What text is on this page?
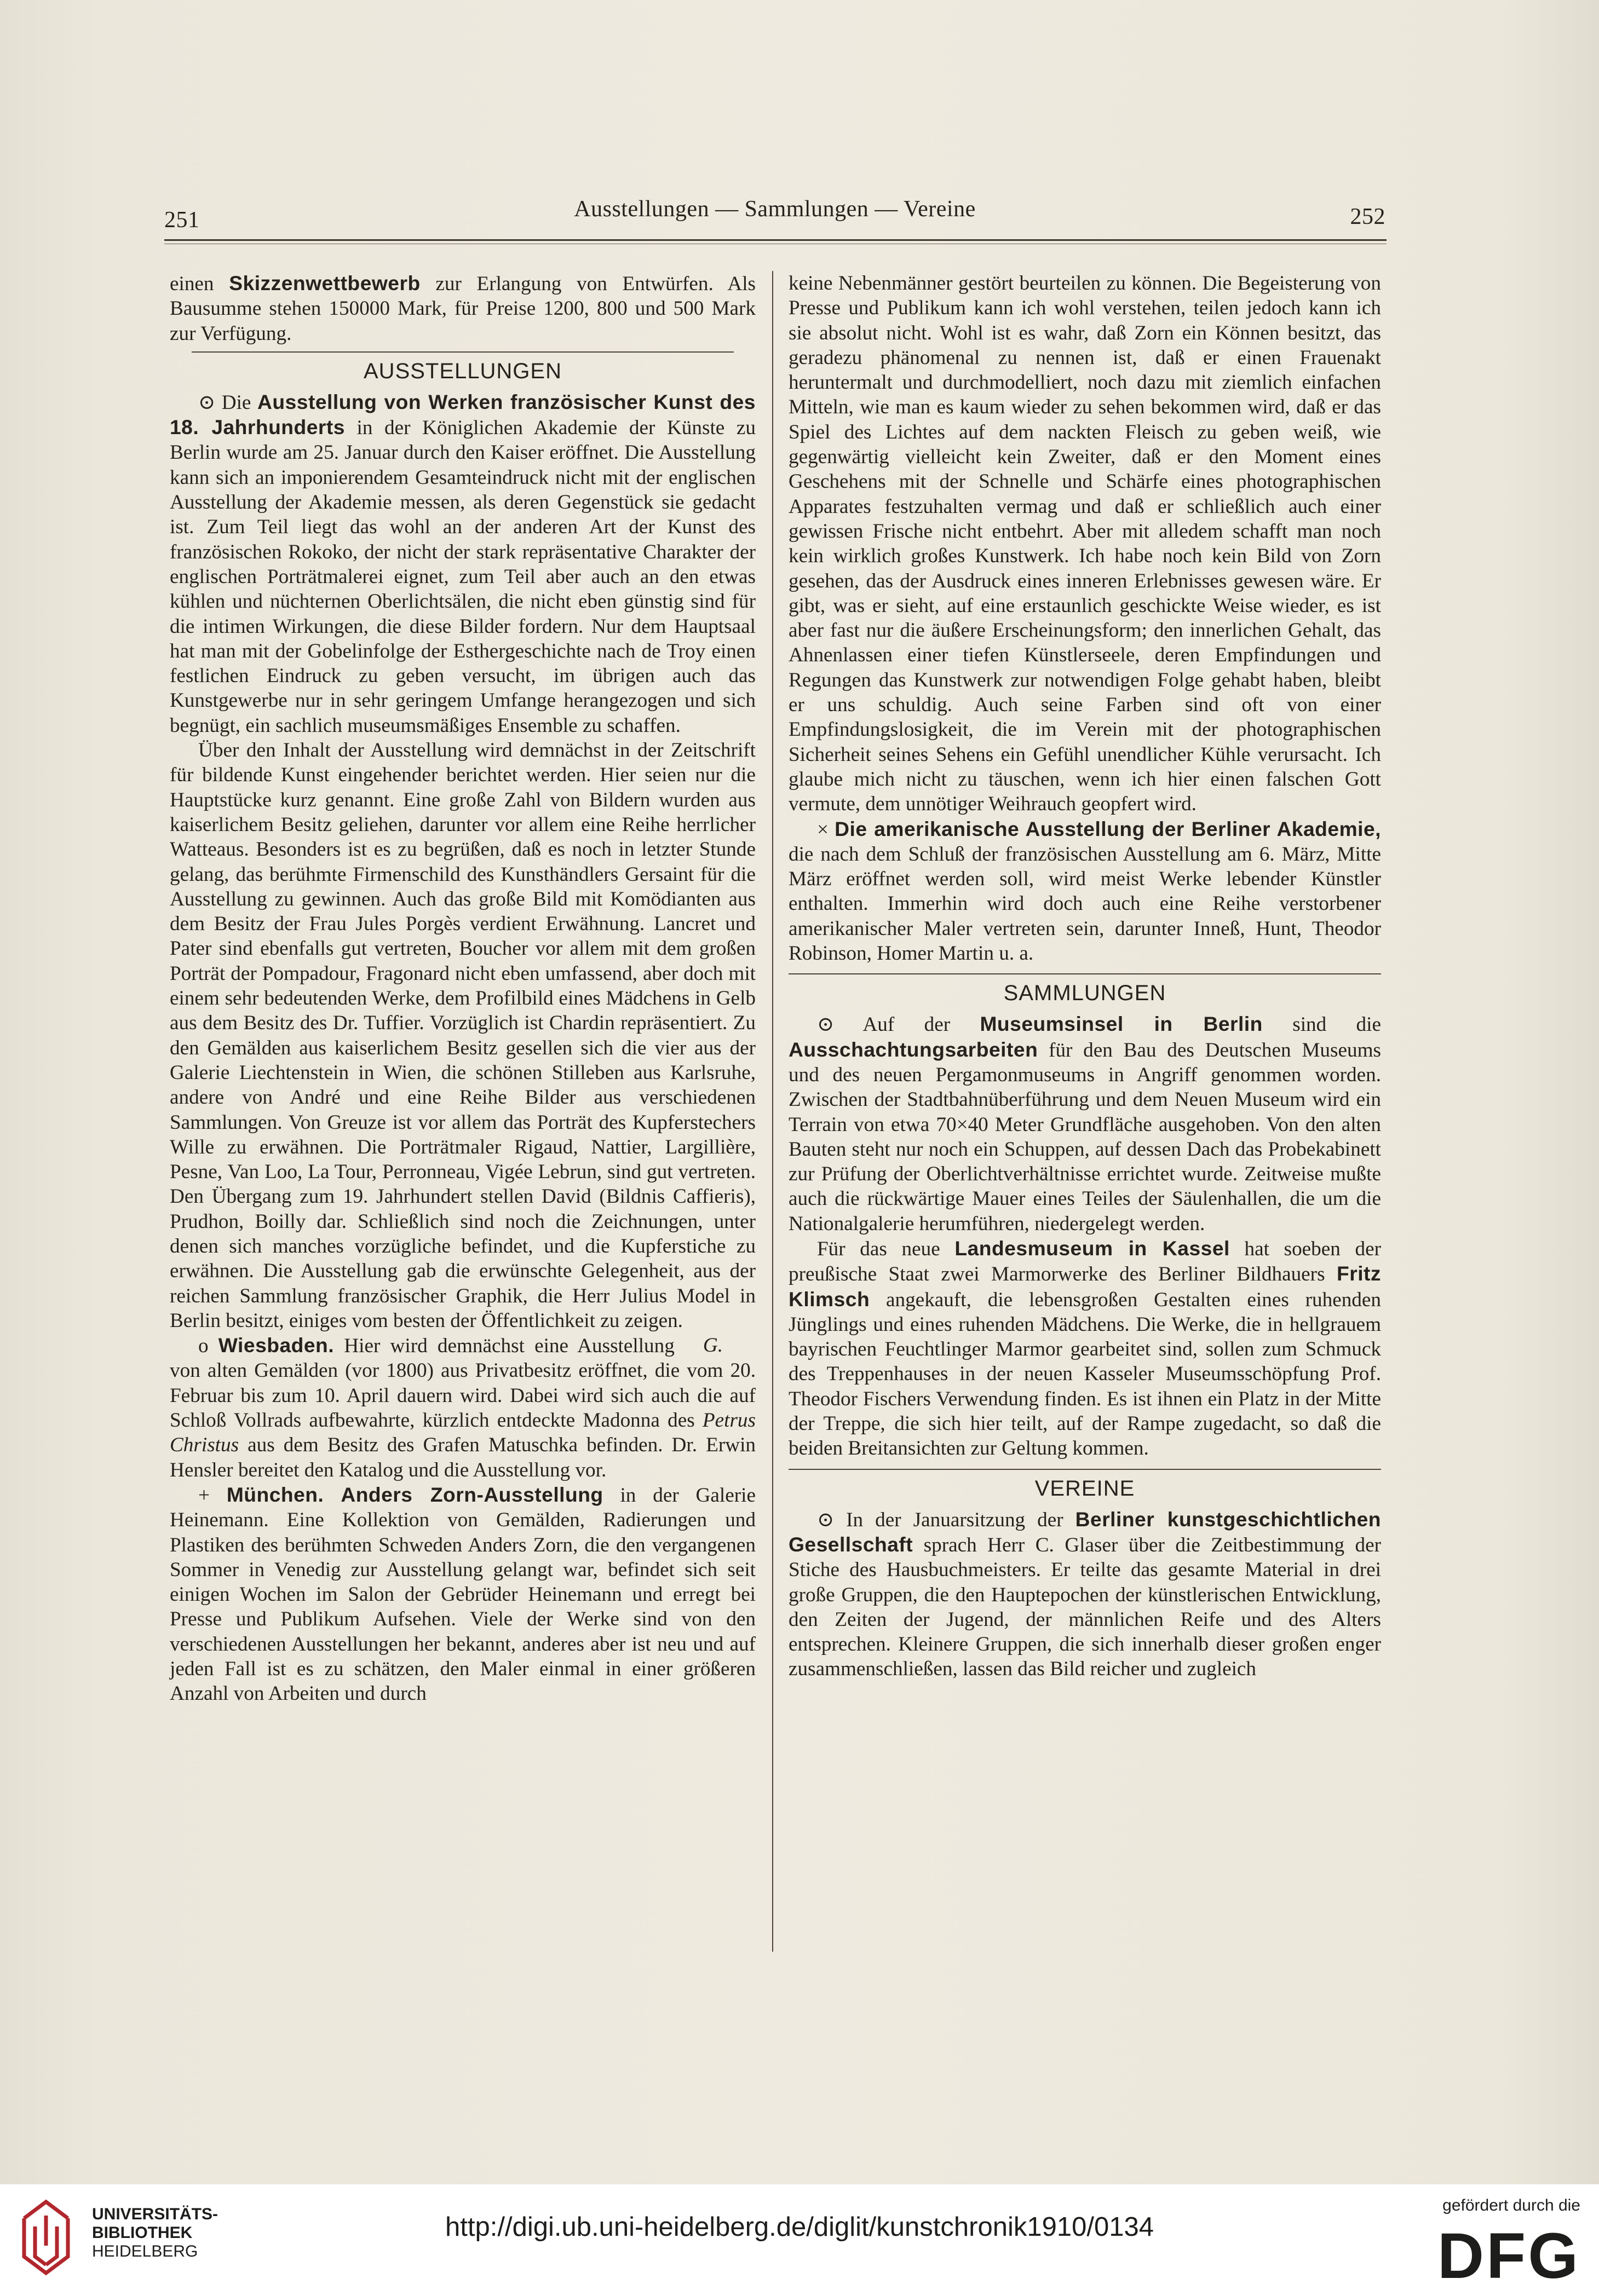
251	Ausstellungen — Sammlungen — Vereine	252

einen Skizzenwettbewerb zur Erlangung von Entwürfen. Als Bausumme stehen 150000 Mark, für Preise 1200, 800 und 500 Mark zur Verfügung.

AUSSTELLUNGEN

⊙ Die Ausstellung von Werken französischer Kunst des 18. Jahrhunderts in der Königlichen Akademie der Künste zu Berlin wurde am 25. Januar durch den Kaiser eröffnet. Die Ausstellung kann sich an imponierendem Gesamteindruck nicht mit der englischen Ausstellung der Akademie messen, als deren Gegenstück sie gedacht ist. Zum Teil liegt das wohl an der anderen Art der Kunst des französischen Rokoko, der nicht der stark repräsentative Charakter der englischen Porträtmalerei eignet, zum Teil aber auch an den etwas kühlen und nüchternen Oberlichtsälen, die nicht eben günstig sind für die intimen Wirkungen, die diese Bilder fordern. Nur dem Hauptsaal hat man mit der Gobelinfolge der Esthergeschichte nach de Troy einen festlichen Eindruck zu geben versucht, im übrigen auch das Kunstgewerbe nur in sehr geringem Umfange herangezogen und sich begnügt, ein sachlich museumsmäßiges Ensemble zu schaffen.

Über den Inhalt der Ausstellung wird demnächst in der Zeitschrift für bildende Kunst eingehender berichtet werden. Hier seien nur die Hauptstücke kurz genannt. Eine große Zahl von Bildern wurden aus kaiserlichem Besitz geliehen, darunter vor allem eine Reihe herrlicher Watteaus. Besonders ist es zu begrüßen, daß es noch in letzter Stunde gelang, das berühmte Firmenschild des Kunsthändlers Gersaint für die Ausstellung zu gewinnen. Auch das große Bild mit Komödianten aus dem Besitz der Frau Jules Porgès verdient Erwähnung. Lancret und Pater sind ebenfalls gut vertreten, Boucher vor allem mit dem großen Porträt der Pompadour, Fragonard nicht eben umfassend, aber doch mit einem sehr bedeutenden Werke, dem Profilbild eines Mädchens in Gelb aus dem Besitz des Dr. Tuffier. Vorzüglich ist Chardin repräsentiert. Zu den Gemälden aus kaiserlichem Besitz gesellen sich die vier aus der Galerie Liechtenstein in Wien, die schönen Stilleben aus Karlsruhe, andere von André und eine Reihe Bilder aus verschiedenen Sammlungen. Von Greuze ist vor allem das Porträt des Kupferstechers Wille zu erwähnen. Die Porträtmaler Rigaud, Nattier, Largillière, Pesne, Van Loo, La Tour, Perronneau, Vigée Lebrun, sind gut vertreten. Den Übergang zum 19. Jahrhundert stellen David (Bildnis Caffieris), Prudhon, Boilly dar. Schließlich sind noch die Zeichnungen, unter denen sich manches vorzügliche befindet, und die Kupferstiche zu erwähnen. Die Ausstellung gab die erwünschte Gelegenheit, aus der reichen Sammlung französischer Graphik, die Herr Julius Model in Berlin besitzt, einiges vom besten der Öffentlichkeit zu zeigen.
G.

o Wiesbaden. Hier wird demnächst eine Ausstellung von alten Gemälden (vor 1800) aus Privatbesitz eröffnet, die vom 20. Februar bis zum 10. April dauern wird. Dabei wird sich auch die auf Schloß Vollrads aufbewahrte, kürzlich entdeckte Madonna des Petrus Christus aus dem Besitz des Grafen Matuschka befinden. Dr. Erwin Hensler bereitet den Katalog und die Ausstellung vor.

+ München. Anders Zorn-Ausstellung in der Galerie Heinemann. Eine Kollektion von Gemälden, Radierungen und Plastiken des berühmten Schweden Anders Zorn, die den vergangenen Sommer in Venedig zur Ausstellung gelangt war, befindet sich seit einigen Wochen im Salon der Gebrüder Heinemann und erregt bei Presse und Publikum Aufsehen. Viele der Werke sind von den verschiedenen Ausstellungen her bekannt, anderes aber ist neu und auf jeden Fall ist es zu schätzen, den Maler einmal in einer größeren Anzahl von Arbeiten und durch

keine Nebenmänner gestört beurteilen zu können. Die Begeisterung von Presse und Publikum kann ich wohl verstehen, teilen jedoch kann ich sie absolut nicht. Wohl ist es wahr, daß Zorn ein Können besitzt, das geradezu phänomenal zu nennen ist, daß er einen Frauenakt heruntermalt und durchmodelliert, noch dazu mit ziemlich einfachen Mitteln, wie man es kaum wieder zu sehen bekommen wird, daß er das Spiel des Lichtes auf dem nackten Fleisch zu geben weiß, wie gegenwärtig vielleicht kein Zweiter, daß er den Moment eines Geschehens mit der Schnelle und Schärfe eines photographischen Apparates festzuhalten vermag und daß er schließlich auch einer gewissen Frische nicht entbehrt. Aber mit alledem schafft man noch kein wirklich großes Kunstwerk. Ich habe noch kein Bild von Zorn gesehen, das der Ausdruck eines inneren Erlebnisses gewesen wäre. Er gibt, was er sieht, auf eine erstaunlich geschickte Weise wieder, es ist aber fast nur die äußere Erscheinungsform; den innerlichen Gehalt, das Ahnenlassen einer tiefen Künstlerseele, deren Empfindungen und Regungen das Kunstwerk zur notwendigen Folge gehabt haben, bleibt er uns schuldig. Auch seine Farben sind oft von einer Empfindungslosigkeit, die im Verein mit der photographischen Sicherheit seines Sehens ein Gefühl unendlicher Kühle verursacht. Ich glaube mich nicht zu täuschen, wenn ich hier einen falschen Gott vermute, dem unnötiger Weihrauch geopfert wird.

× Die amerikanische Ausstellung der Berliner Akademie, die nach dem Schluß der französischen Ausstellung am 6. März, Mitte März eröffnet werden soll, wird meist Werke lebender Künstler enthalten. Immerhin wird doch auch eine Reihe verstorbener amerikanischer Maler vertreten sein, darunter Inneß, Hunt, Theodor Robinson, Homer Martin u. a.

SAMMLUNGEN

⊙ Auf der Museumsinsel in Berlin sind die Ausschachtungsarbeiten für den Bau des Deutschen Museums und des neuen Pergamonmuseums in Angriff genommen worden. Zwischen der Stadtbahnüberführung und dem Neuen Museum wird ein Terrain von etwa 70×40 Meter Grundfläche ausgehoben. Von den alten Bauten steht nur noch ein Schuppen, auf dessen Dach das Probekabinett zur Prüfung der Oberlichtverhältnisse errichtet wurde. Zeitweise mußte auch die rückwärtige Mauer eines Teiles der Säulenhallen, die um die Nationalgalerie herumführen, niedergelegt werden.

Für das neue Landesmuseum in Kassel hat soeben der preußische Staat zwei Marmorwerke des Berliner Bildhauers Fritz Klimsch angekauft, die lebensgroßen Gestalten eines ruhenden Jünglings und eines ruhenden Mädchens. Die Werke, die in hellgrauem bayrischen Feuchtlinger Marmor gearbeitet sind, sollen zum Schmuck des Treppenhauses in der neuen Kasseler Museumsschöpfung Prof. Theodor Fischers Verwendung finden. Es ist ihnen ein Platz in der Mitte der Treppe, die sich hier teilt, auf der Rampe zugedacht, so daß die beiden Breitansichten zur Geltung kommen.

VEREINE

⊙ In der Januarsitzung der Berliner kunstgeschichtlichen Gesellschaft sprach Herr C. Glaser über die Zeitbestimmung der Stiche des Hausbuchmeisters. Er teilte das gesamte Material in drei große Gruppen, die den Hauptepochen der künstlerischen Entwicklung, den Zeiten der Jugend, der männlichen Reife und des Alters entsprechen. Kleinere Gruppen, die sich innerhalb dieser großen enger zusammenschließen, lassen das Bild reicher und zugleich

UNIVERSITÄTS-
BIBLIOTHEK
HEIDELBERG
http://digi.ub.uni-heidelberg.de/diglit/kunstchronik1910/0134
gefördert durch die
DFG
